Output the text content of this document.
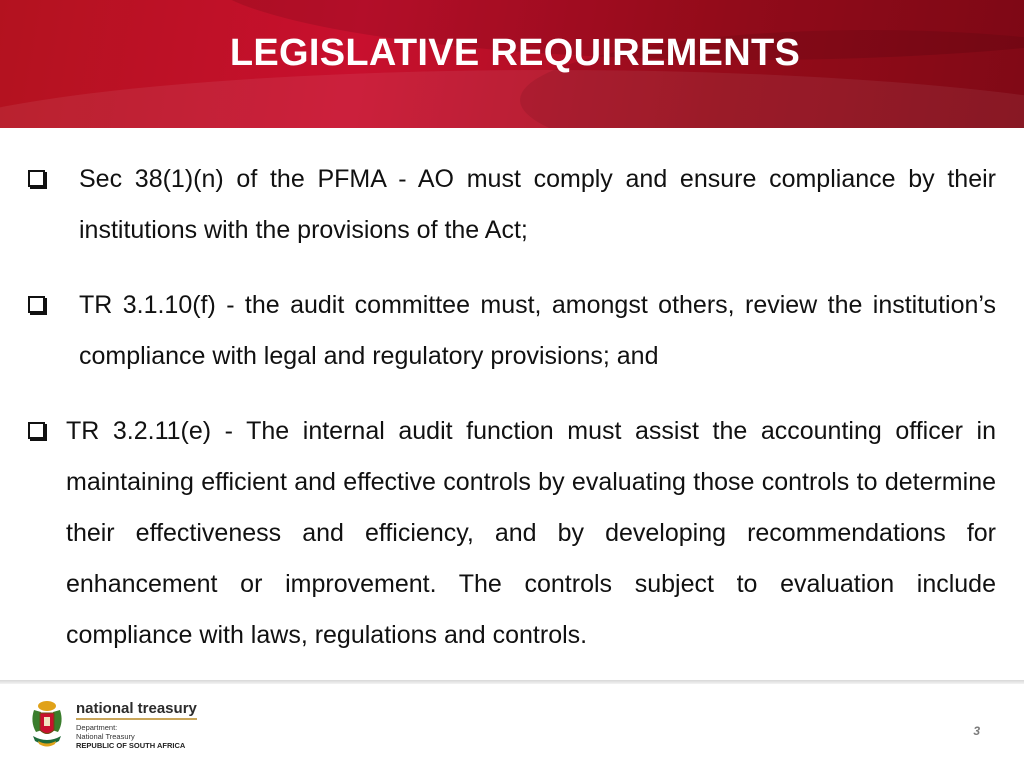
LEGISLATIVE REQUIREMENTS
Sec 38(1)(n) of the PFMA - AO must comply and ensure compliance by their institutions with the provisions of the Act;
TR 3.1.10(f) - the audit committee must, amongst others, review the institution’s compliance with legal and regulatory provisions; and
TR 3.2.11(e) - The internal audit function must assist the accounting officer in maintaining efficient and effective controls by evaluating those controls to determine their effectiveness and efficiency, and by developing recommendations for enhancement or improvement. The controls subject to evaluation include compliance with laws, regulations and controls.
national treasury
Department:
National Treasury
REPUBLIC OF SOUTH AFRICA
3
